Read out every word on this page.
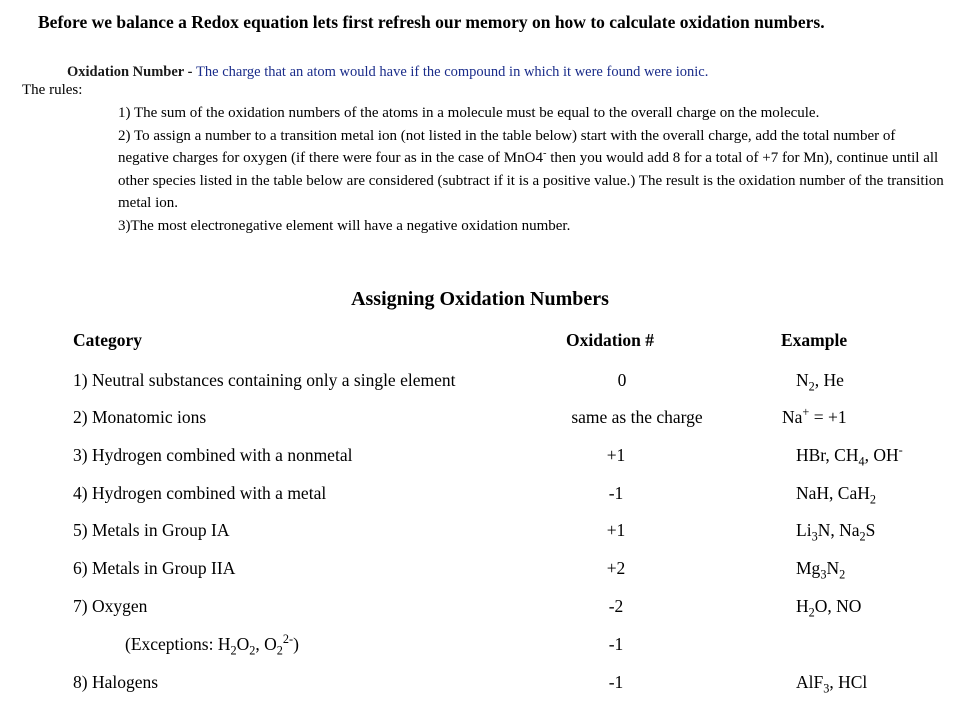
Before we balance a Redox equation lets first refresh our memory on how to calculate oxidation numbers.
Oxidation Number - The charge that an atom would have if the compound in which it were found were ionic.
The rules:

1) The sum of the oxidation numbers of the atoms in a molecule must be equal to the overall charge on the molecule.

2) To assign a number to a transition metal ion (not listed in the table below) start with the overall charge, add the total number of negative charges for oxygen (if there were four as in the case of MnO4- then you would add 8 for a total of +7 for Mn), continue until all other species listed in the table below are considered (subtract if it is a positive value.) The result is the oxidation number of the transition metal ion.

3)The most electronegative element will have a negative oxidation number.

Assigning Oxidation Numbers
Category	Oxidation #	Example
1) Neutral substances containing only a single element	0	$N_2$, He
2) Monatomic ions	same as the charge	Na+ = +1
3) Hydrogen combined with a nonmetal	+1	HBr, $CH_4$, OH-
4) Hydrogen combined with a metal	-1	NaH, CaH$_2$
5) Metals in Group IA	+1	$Li_3N$, $Na_2S$
6) Metals in Group IIA	+2	$Mg_3N_2$
7) Oxygen	-2	$H_2O$, NO
(Exceptions: $H_2O_2$, $O_2^{2-}$)	-1
8) Halogens	-1	AlF$_3$, HCl
